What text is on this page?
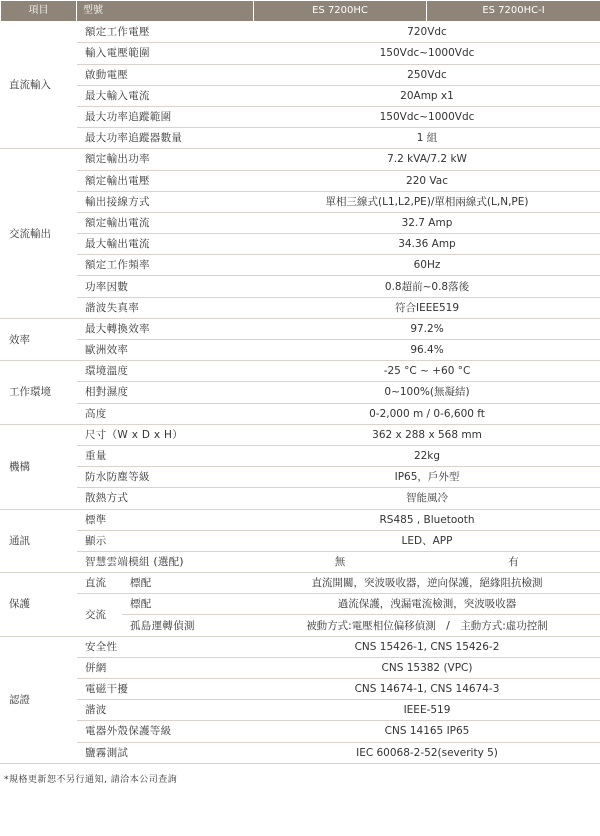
項目	型號		ES 7200HC	ES 7200HC-I
直流輸入	額定工作電壓		720Vdc	
	輸入電壓範圍		150Vdc~1000Vdc	
	啟動電壓		250Vdc	
	最大輸入電流		20Amp x1	
	最大功率追蹤範圍		150Vdc~1000Vdc	
	最大功率追蹤器數量		1 組	
交流輸出	額定輸出功率		7.2 kVA/7.2 kW	
	額定輸出電壓		220 Vac	
	輸出接線方式		單相三線式(L1,L2,PE)/單相兩線式(L,N,PE)	
	額定輸出電流		32.7 Amp	
	最大輸出電流		34.36 Amp	
	額定工作頻率		60Hz	
	功率因數		0.8超前~0.8落後	
	諧波失真率		符合IEEE519	
效率	最大轉換效率		97.2%	
	歐洲效率		96.4%	
工作環境	環境溫度		-25 °C ~ +60 °C	
	相對濕度		0~100%(無凝結)	
	高度		0-2,000 m / 0-6,600 ft	
機構	尺寸（W x D x H）		362 x 288 x 568 mm	
	重量		22kg	
	防水防塵等級		IP65，戶外型	
	散熱方式		智能風冷	
通訊	標準		RS485 , Bluetooth	
	顯示		LED、APP	
	智慧雲端模組 (選配)		無	有
保護	直流	標配	直流開關，突波吸收器，逆向保護，絕緣阻抗檢測	
	交流	標配	過流保護，洩漏電流檢測，突波吸收器	
		孤島運轉偵測	被動方式:電壓相位偏移偵測　/　主動方式:虛功控制	
認證	安全性		CNS 15426-1, CNS 15426-2	
	併網		CNS 15382 (VPC)	
	電磁干擾		CNS 14674-1, CNS 14674-3	
	諧波		IEEE-519	
	電器外殼保護等級		CNS 14165 IP65	
	鹽霧測試		IEC 60068-2-52(severity 5)	
*規格更新恕不另行通知, 請洽本公司查詢
